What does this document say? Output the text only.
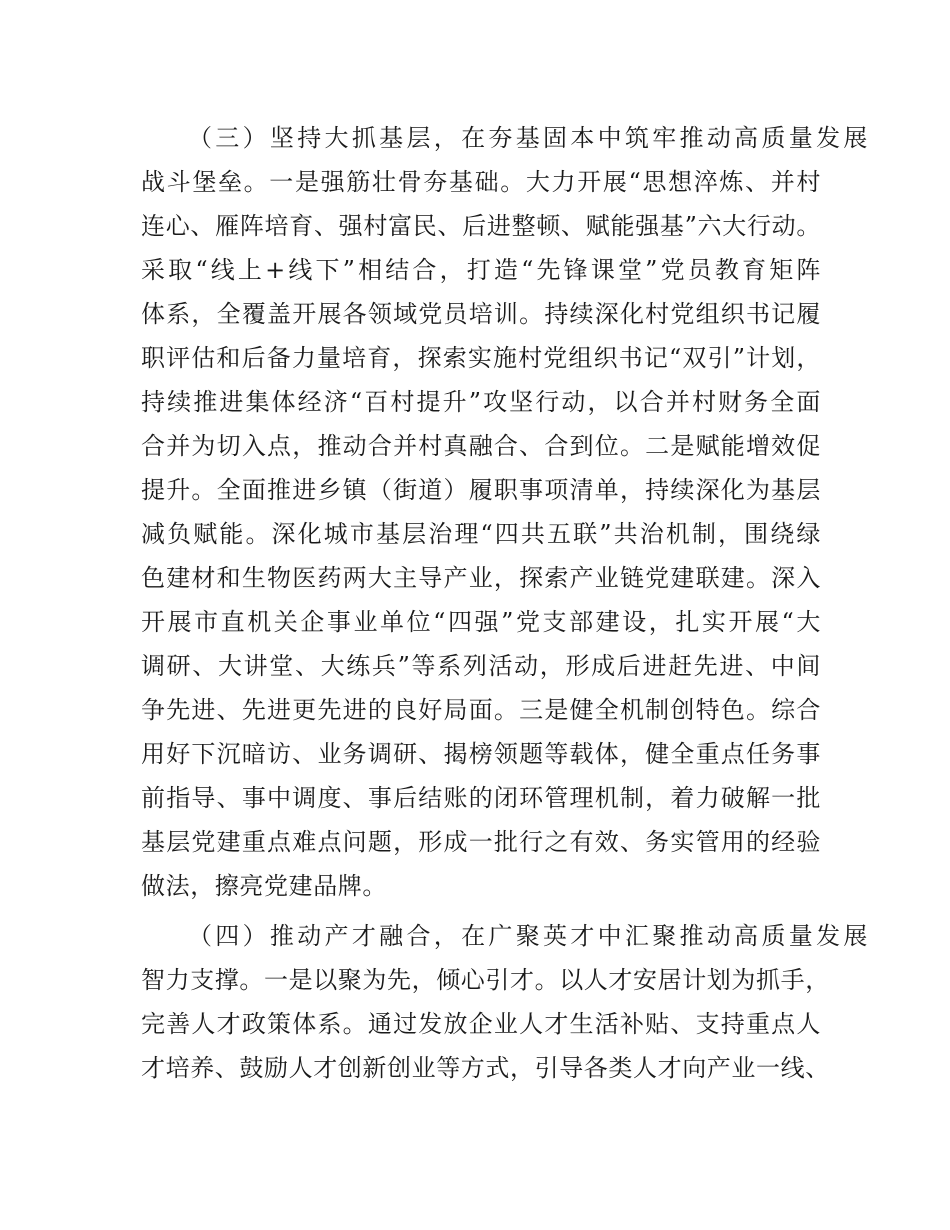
（三）坚持大抓基层，在夯基固本中筑牢推动高质量发展
战斗堡垒。一是强筋壮骨夯基础。大力开展“思想淬炼、并村
连心、雁阵培育、强村富民、后进整顿、赋能强基”六大行动。
采取“线上+线下”相结合，打造“先锋课堂”党员教育矩阵
体系，全覆盖开展各领域党员培训。持续深化村党组织书记履
职评估和后备力量培育，探索实施村党组织书记“双引”计划，
持续推进集体经济“百村提升”攻坚行动，以合并村财务全面
合并为切入点，推动合并村真融合、合到位。二是赋能增效促
提升。全面推进乡镇（街道）履职事项清单，持续深化为基层
减负赋能。深化城市基层治理“四共五联”共治机制，围绕绿
色建材和生物医药两大主导产业，探索产业链党建联建。深入
开展市直机关企事业单位“四强”党支部建设，扎实开展“大
调研、大讲堂、大练兵”等系列活动，形成后进赶先进、中间
争先进、先进更先进的良好局面。三是健全机制创特色。综合
用好下沉暗访、业务调研、揭榜领题等载体，健全重点任务事
前指导、事中调度、事后结账的闭环管理机制，着力破解一批
基层党建重点难点问题，形成一批行之有效、务实管用的经验
做法，擦亮党建品牌。
（四）推动产才融合，在广聚英才中汇聚推动高质量发展
智力支撑。一是以聚为先，倾心引才。以人才安居计划为抓手，
完善人才政策体系。通过发放企业人才生活补贴、支持重点人
才培养、鼓励人才创新创业等方式，引导各类人才向产业一线、
